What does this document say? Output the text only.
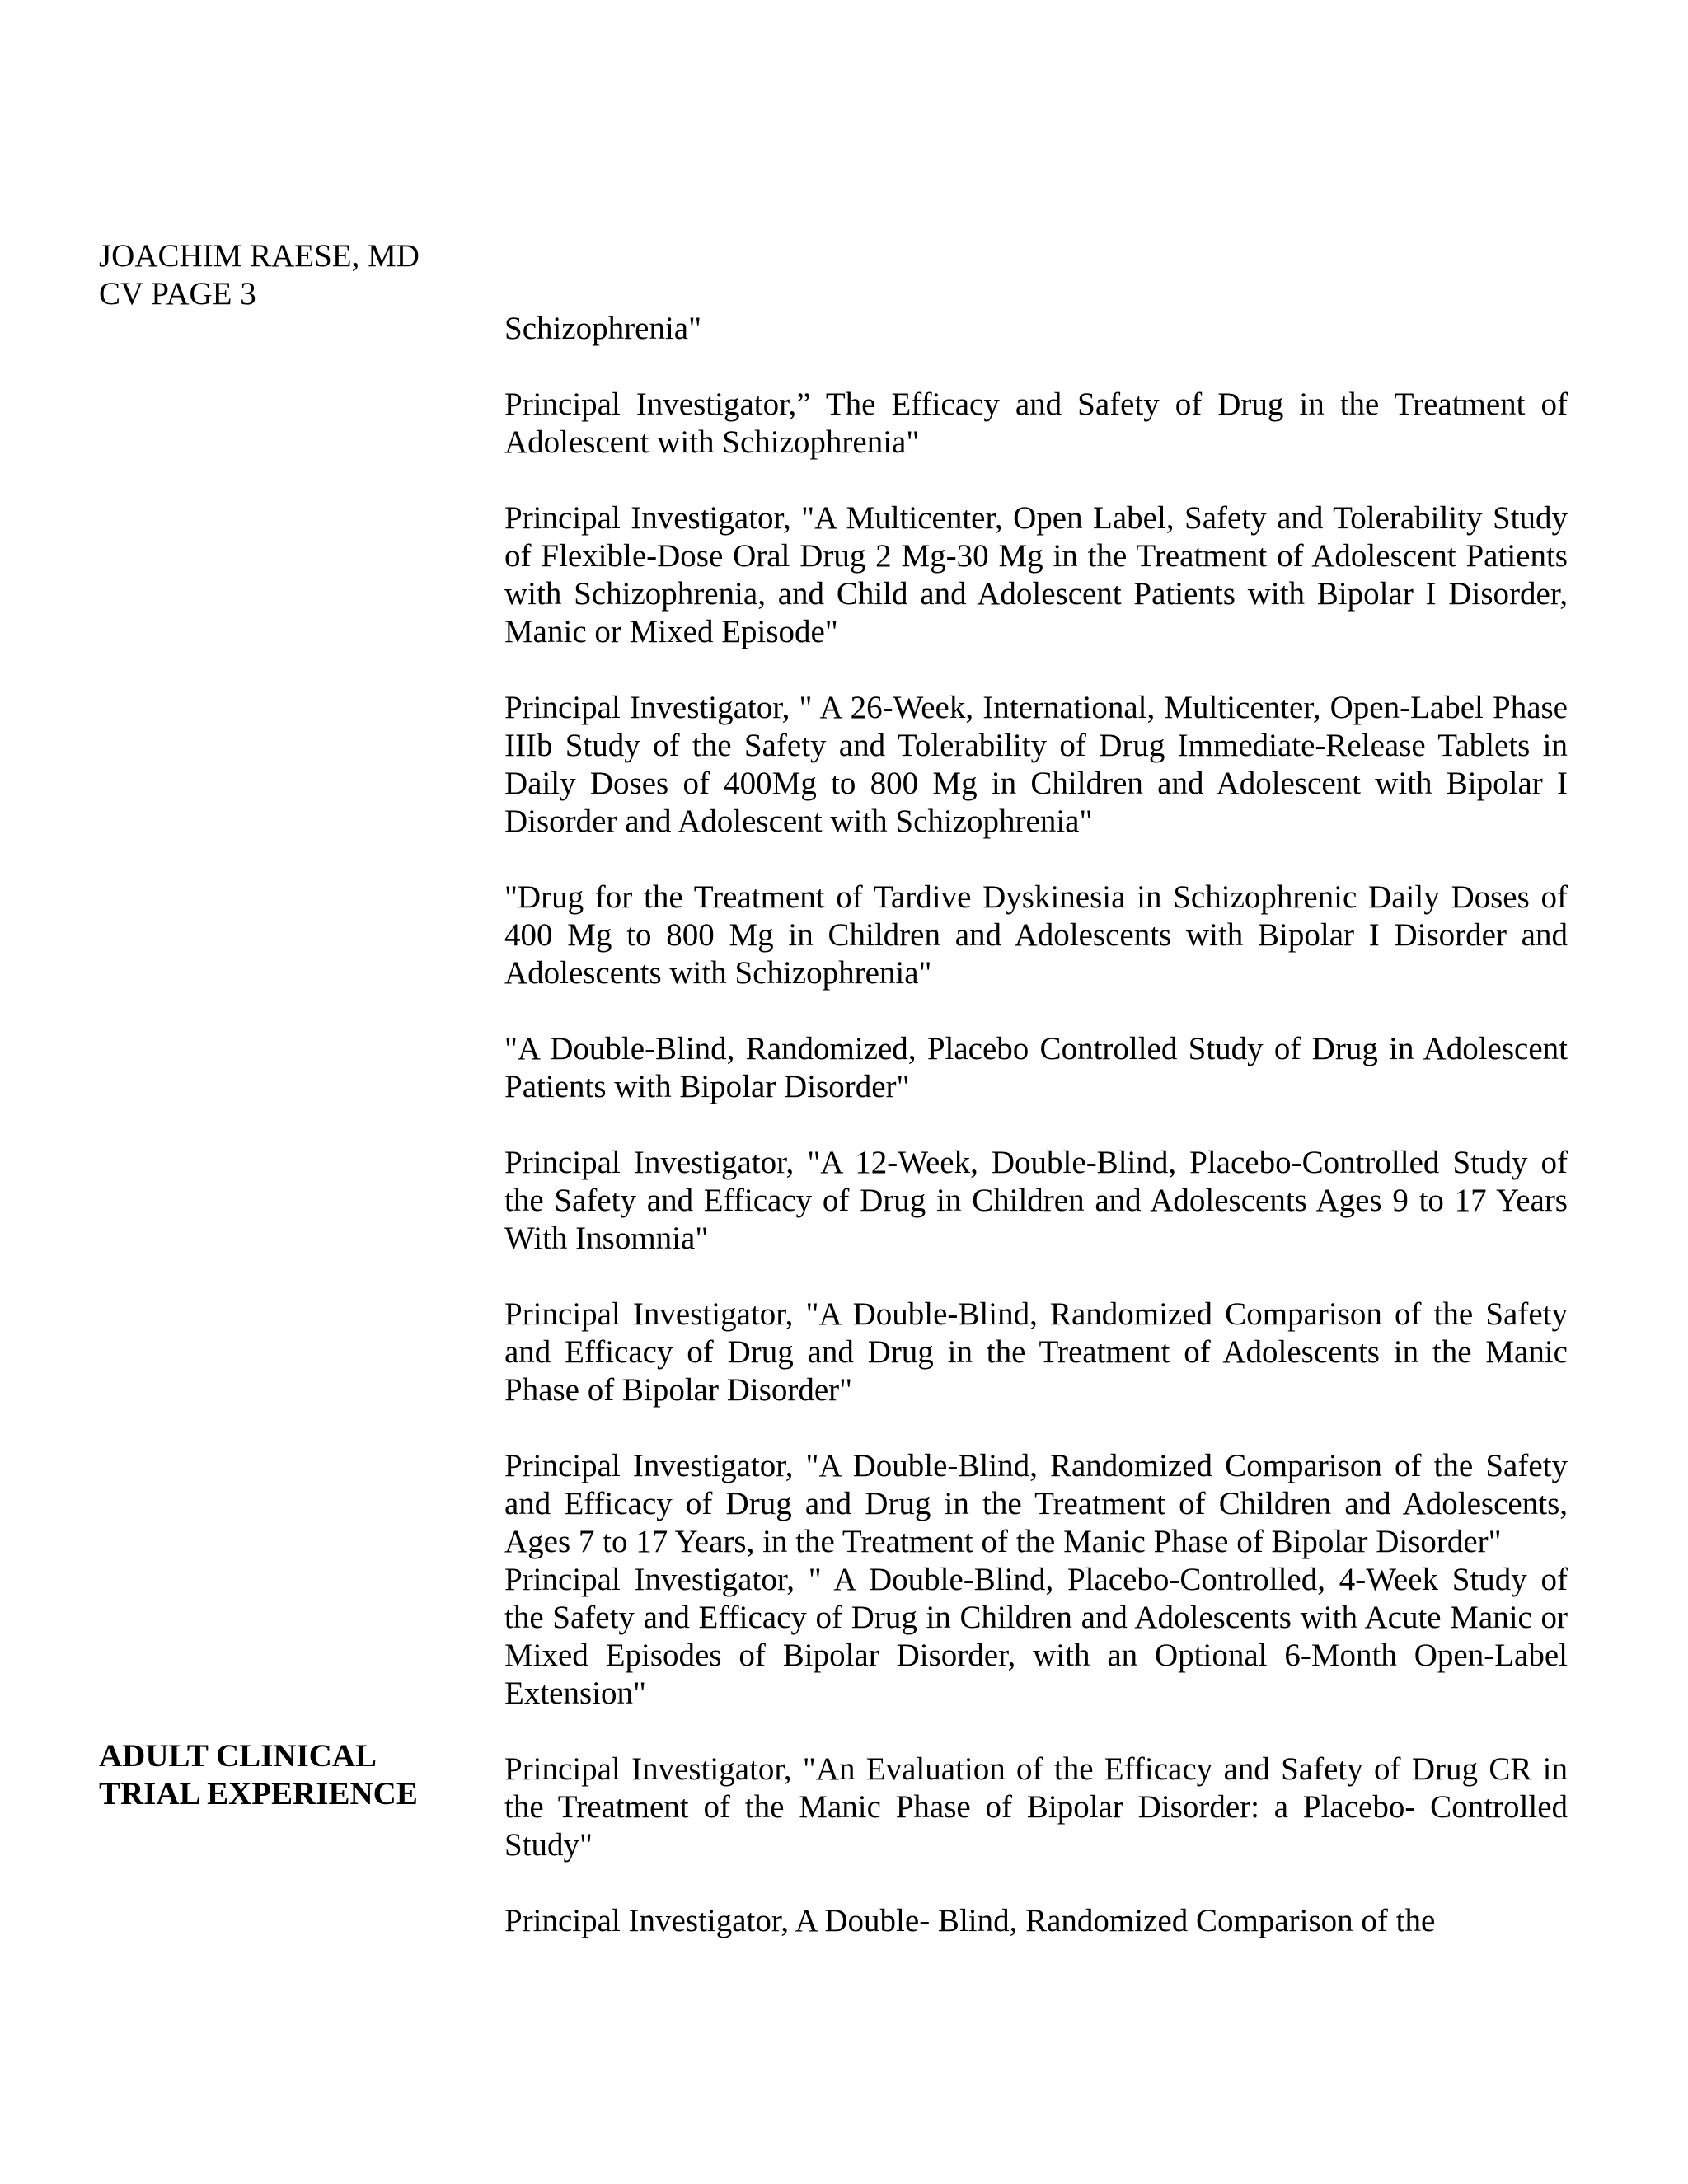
JOACHIM RAESE, MD
CV PAGE 3
ADULT CLINICAL
TRIAL EXPERIENCE

Schizophrenia"

Principal Investigator,” The Efficacy and Safety of Drug in the Treatment of Adolescent with Schizophrenia"

Principal Investigator, "A Multicenter, Open Label, Safety and Tolerability Study of Flexible-Dose Oral Drug 2 Mg-30 Mg in the Treatment of Adolescent Patients with Schizophrenia, and Child and Adolescent Patients with Bipolar I Disorder, Manic or Mixed Episode"

Principal Investigator, " A 26-Week, International, Multicenter, Open-Label Phase IIIb Study of the Safety and Tolerability of Drug Immediate-Release Tablets in Daily Doses of 400Mg to 800 Mg in Children and Adolescent with Bipolar I Disorder and Adolescent with Schizophrenia"

"Drug for the Treatment of Tardive Dyskinesia in Schizophrenic Daily Doses of 400 Mg to 800 Mg in Children and Adolescents with Bipolar I Disorder and Adolescents with Schizophrenia"

"A Double-Blind, Randomized, Placebo Controlled Study of Drug in Adolescent Patients with Bipolar Disorder"

Principal Investigator, "A 12-Week, Double-Blind, Placebo-Controlled Study of the Safety and Efficacy of Drug in Children and Adolescents Ages 9 to 17 Years With Insomnia"

Principal Investigator, "A Double-Blind, Randomized Comparison of the Safety and Efficacy of Drug and Drug in the Treatment of Adolescents in the Manic Phase of Bipolar Disorder"

Principal Investigator, "A Double-Blind, Randomized Comparison of the Safety and Efficacy of Drug and Drug in the Treatment of Children and Adolescents, Ages 7 to 17 Years, in the Treatment of the Manic Phase of Bipolar Disorder"

Principal Investigator, " A Double-Blind, Placebo-Controlled, 4-Week Study of the Safety and Efficacy of Drug in Children and Adolescents with Acute Manic or Mixed Episodes of Bipolar Disorder, with an Optional 6-Month Open-Label Extension"

Principal Investigator, "An Evaluation of the Efficacy and Safety of Drug CR in the Treatment of the Manic Phase of Bipolar Disorder: a Placebo- Controlled Study"

Principal Investigator, A Double- Blind, Randomized Comparison of the
